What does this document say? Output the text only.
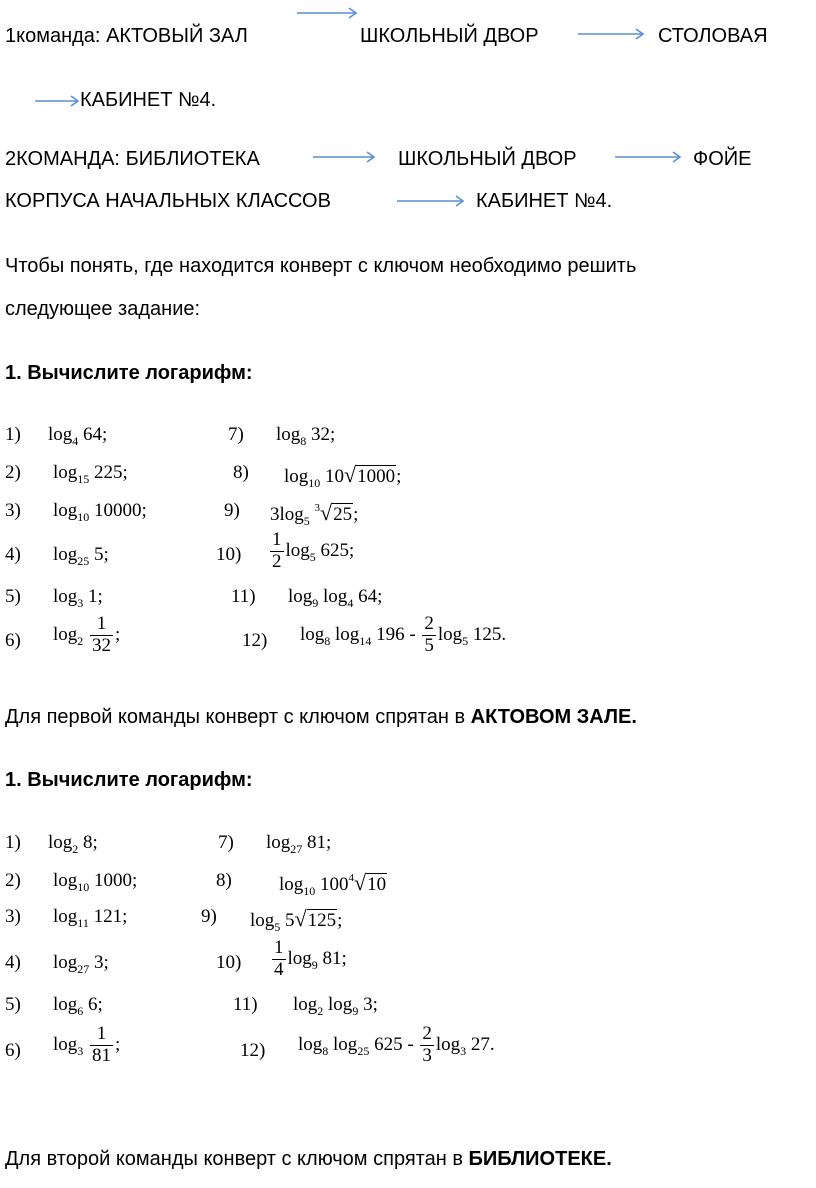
1команда: АКТОВЫЙ ЗАЛ	ШКОЛЬНЫЙ ДВОР	СТОЛОВАЯ
КАБИНЕТ №4.
2КОМАНДА: БИБЛИОТЕКА	ШКОЛЬНЫЙ ДВОР	ФОЙЕ
КОРПУСА НАЧАЛЬНЫХ КЛАССОВ	КАБИНЕТ №4.
Чтобы понять, где находится конверт с ключом необходимо решить
следующее задание:
1. Вычислите логарифм:
1) $\log_4 64$;	7) $\log_8 32$;
2) $\log_{15} 225$;	8) $\log_{10} 10√1000$;
3) $\log_{10} 10000$;	9) $3\log_5$ $^3$√25;
4) $\log_{25} 5$;	$10) \frac{1}{2} \log_5 625$;
5) $\log_3 1$;	11) $\log_9 \log_4 64$;
6) $\log_2 \frac{1}{32}$ ;	12) $\log_8 \log_{14} 196 - \frac{2}{5} \log_5 125$.
Для первой команды конверт с ключом спрятан в АКТОВОМ ЗАЛЕ.
1. Вычислите логарифм:
1) $\log_2 8$;	7) $\log_{27} 81$;
2) $\log_{10} 1000$;	8) $\log_{10} 100^4√10$
3) $\log_{11} 121$;	9) $\log_5 5√125$;
4) $\log_{27} 3$;	$10) \frac{1}{4} \log_9 81$;
5) $\log_6 6$;	11) $\log_2 \log_9 3$;
6) $\log_3 \frac{1}{81}$ ;	12) $\log_8 \log_{25} 625 - \frac{2}{3} \log_3 27$.
Для второй команды конверт с ключом спрятан в БИБЛИОТЕКЕ.
